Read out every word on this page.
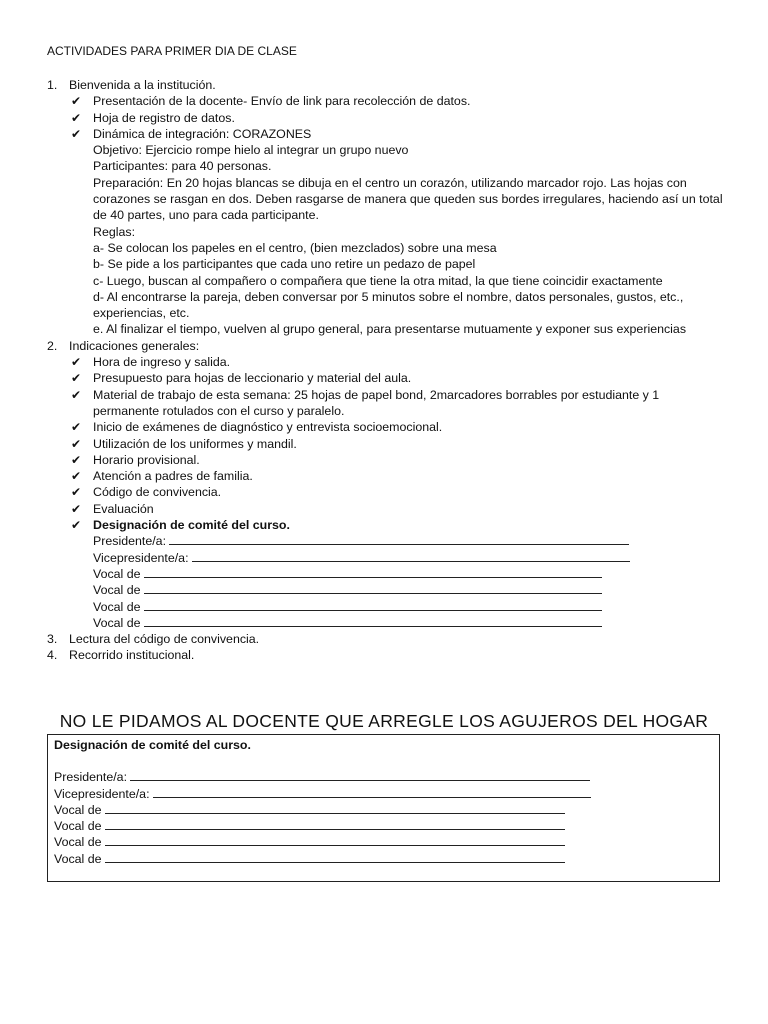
ACTIVIDADES PARA PRIMER DIA DE CLASE
1. Bienvenida a la institución.
✔ Presentación de la docente- Envío de link para recolección de datos.
✔ Hoja de registro de datos.
✔ Dinámica de integración: CORAZONES
Objetivo: Ejercicio rompe hielo al integrar un grupo nuevo
Participantes: para 40 personas.
Preparación: En 20 hojas blancas se dibuja en el centro un corazón, utilizando marcador rojo. Las hojas con corazones se rasgan en dos. Deben rasgarse de manera que queden sus bordes irregulares, haciendo así un total de 40 partes, uno para cada participante.
Reglas:
a- Se colocan los papeles en el centro, (bien mezclados) sobre una mesa
b- Se pide a los participantes que cada uno retire un pedazo de papel
c- Luego, buscan al compañero o compañera que tiene la otra mitad, la que tiene coincidir exactamente
d- Al encontrarse la pareja, deben conversar por 5 minutos sobre el nombre, datos personales, gustos, etc., experiencias, etc.
e. Al finalizar el tiempo, vuelven al grupo general, para presentarse mutuamente y exponer sus experiencias
2. Indicaciones generales:
✔ Hora de ingreso y salida.
✔ Presupuesto para hojas de leccionario y material del aula.
✔ Material de trabajo de esta semana: 25 hojas de papel bond, 2marcadores borrables por estudiante y 1 permanente rotulados con el curso y paralelo.
✔ Inicio de exámenes de diagnóstico y entrevista socioemocional.
✔ Utilización de los uniformes y mandil.
✔ Horario provisional.
✔ Atención a padres de familia.
✔ Código de convivencia.
✔ Evaluación
✔ Designación de comité del curso.
Presidente/a:
Vicepresidente/a:
Vocal de
Vocal de
Vocal de
Vocal de
3. Lectura del código de convivencia.
4. Recorrido institucional.
NO LE PIDAMOS AL DOCENTE QUE ARREGLE LOS AGUJEROS DEL HOGAR
Designación de comité del curso.
Presidente/a:
Vicepresidente/a:
Vocal de
Vocal de
Vocal de
Vocal de
